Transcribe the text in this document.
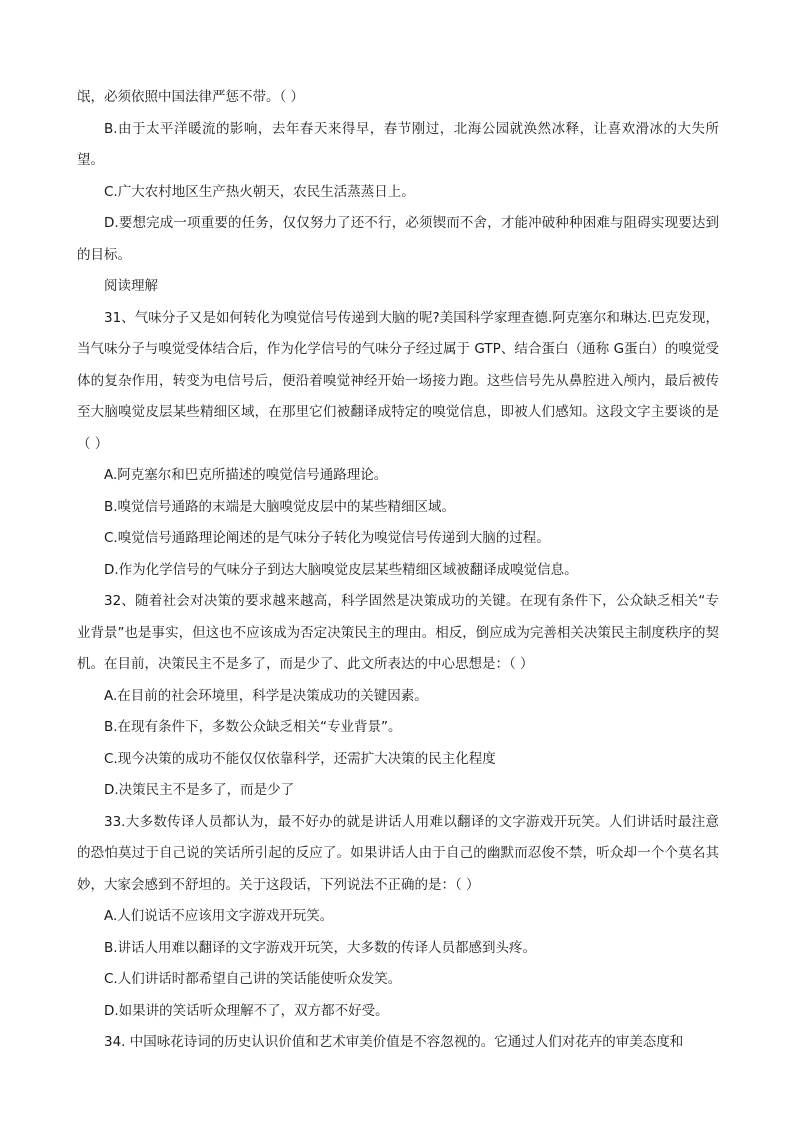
氓，必须依照中国法律严惩不带。（ ）

B.由于太平洋暖流的影响，去年春天来得早，春节刚过，北海公园就涣然冰释，让喜欢滑冰的大失所望。

C.广大农村地区生产热火朝天，农民生活蒸蒸日上。

D.要想完成一项重要的任务，仅仅努力了还不行，必须锲而不舍，才能冲破种种困难与阻碍实现要达到的目标。

阅读理解

31、气味分子又是如何转化为嗅觉信号传递到大脑的呢?美国科学家理查德.阿克塞尔和琳达.巴克发现，当气味分子与嗅觉受体结合后，作为化学信号的气味分子经过属于 GTP、结合蛋白（通称 G蛋白）的嗅觉受体的复杂作用，转变为电信号后，便沿着嗅觉神经开始一场接力跑。这些信号先从鼻腔进入颅内，最后被传至大脑嗅觉皮层某些精细区域，在那里它们被翻译成特定的嗅觉信息，即被人们感知。这段文字主要谈的是（ ）

A.阿克塞尔和巴克所描述的嗅觉信号通路理论。

B.嗅觉信号通路的末端是大脑嗅觉皮层中的某些精细区域。

C.嗅觉信号通路理论阐述的是气味分子转化为嗅觉信号传递到大脑的过程。

D.作为化学信号的气味分子到达大脑嗅觉皮层某些精细区域被翻译成嗅觉信息。

32、随着社会对决策的要求越来越高，科学固然是决策成功的关键。在现有条件下，公众缺乏相关“专业背景”也是事实，但这也不应该成为否定决策民主的理由。相反，倒应成为完善相关决策民主制度秩序的契机。在目前，决策民主不是多了，而是少了、此文所表达的中心思想是：（ ）

A.在目前的社会环境里，科学是决策成功的关键因素。

B.在现有条件下，多数公众缺乏相关“专业背景”。

C.现今决策的成功不能仅仅依靠科学，还需扩大决策的民主化程度

D.决策民主不是多了，而是少了

33.大多数传译人员都认为，最不好办的就是讲话人用难以翻译的文字游戏开玩笑。人们讲话时最注意的恐怕莫过于自己说的笑话所引起的反应了。如果讲话人由于自己的幽默而忍俊不禁，听众却一个个莫名其妙，大家会感到不舒坦的。关于这段话，下列说法不正确的是：（ ）

A.人们说话不应该用文字游戏开玩笑。

B.讲话人用难以翻译的文字游戏开玩笑，大多数的传译人员都感到头疼。

C.人们讲话时都希望自己讲的笑话能使听众发笑。

D.如果讲的笑话听众理解不了，双方都不好受。

34. 中国咏花诗词的历史认识价值和艺术审美价值是不容忽视的。它通过人们对花卉的审美态度和
